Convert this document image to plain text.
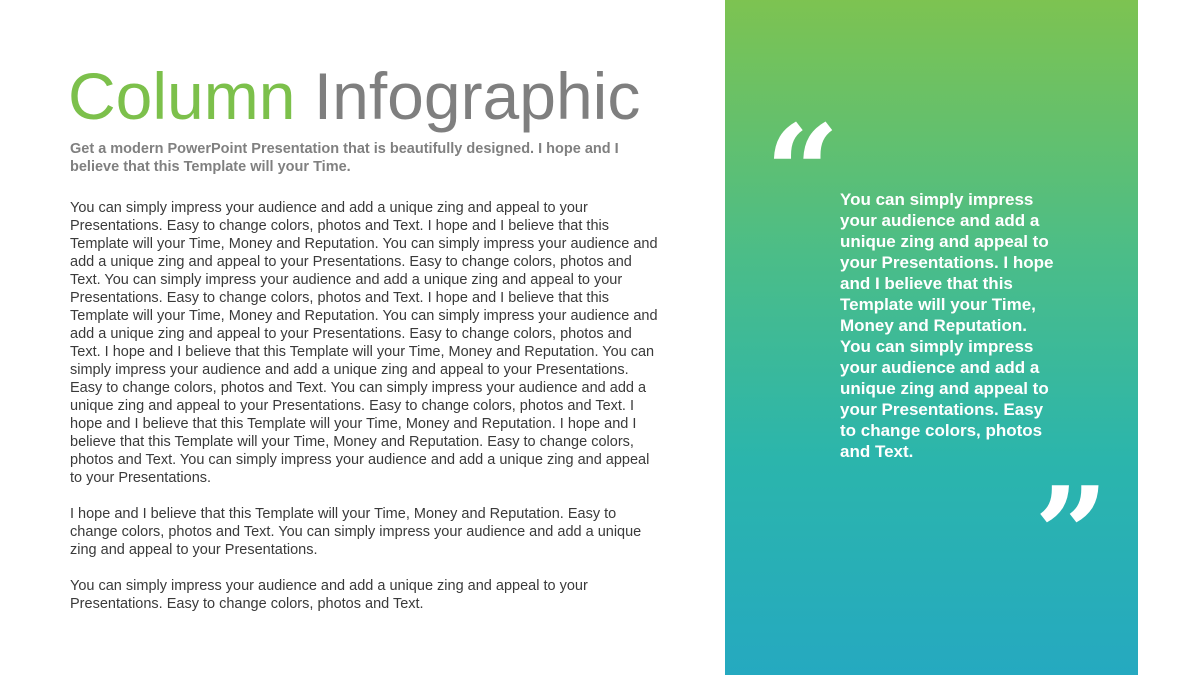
Column Infographic

Get a modern PowerPoint Presentation that is beautifully designed. I hope and I believe that this Template will your Time.

You can simply impress your audience and add a unique zing and appeal to your Presentations. Easy to change colors, photos and Text. I hope and I believe that this Template will your Time, Money and Reputation. You can simply impress your audience and add a unique zing and appeal to your Presentations. Easy to change colors, photos and Text. You can simply impress your audience and add a unique zing and appeal to your Presentations. Easy to change colors, photos and Text. I hope and I believe that this Template will your Time, Money and Reputation. You can simply impress your audience and add a unique zing and appeal to your Presentations. Easy to change colors, photos and Text. I hope and I believe that this Template will your Time, Money and Reputation. You can simply impress your audience and add a unique zing and appeal to your Presentations. Easy to change colors, photos and Text. You can simply impress your audience and add a unique zing and appeal to your Presentations. Easy to change colors, photos and Text. I hope and I believe that this Template will your Time, Money and Reputation. I hope and I believe that this Template will your Time, Money and Reputation. Easy to change colors, photos and Text. You can simply impress your audience and add a unique zing and appeal to your Presentations.

I hope and I believe that this Template will your Time, Money and Reputation. Easy to change colors, photos and Text. You can simply impress your audience and add a unique zing and appeal to your Presentations.

You can simply impress your audience and add a unique zing and appeal to your Presentations. Easy to change colors, photos and Text.

“ You can simply impress your audience and add a unique zing and appeal to your Presentations. I hope and I believe that this Template will your Time, Money and Reputation. You can simply impress your audience and add a unique zing and appeal to your Presentations. Easy to change colors, photos and Text.

”
